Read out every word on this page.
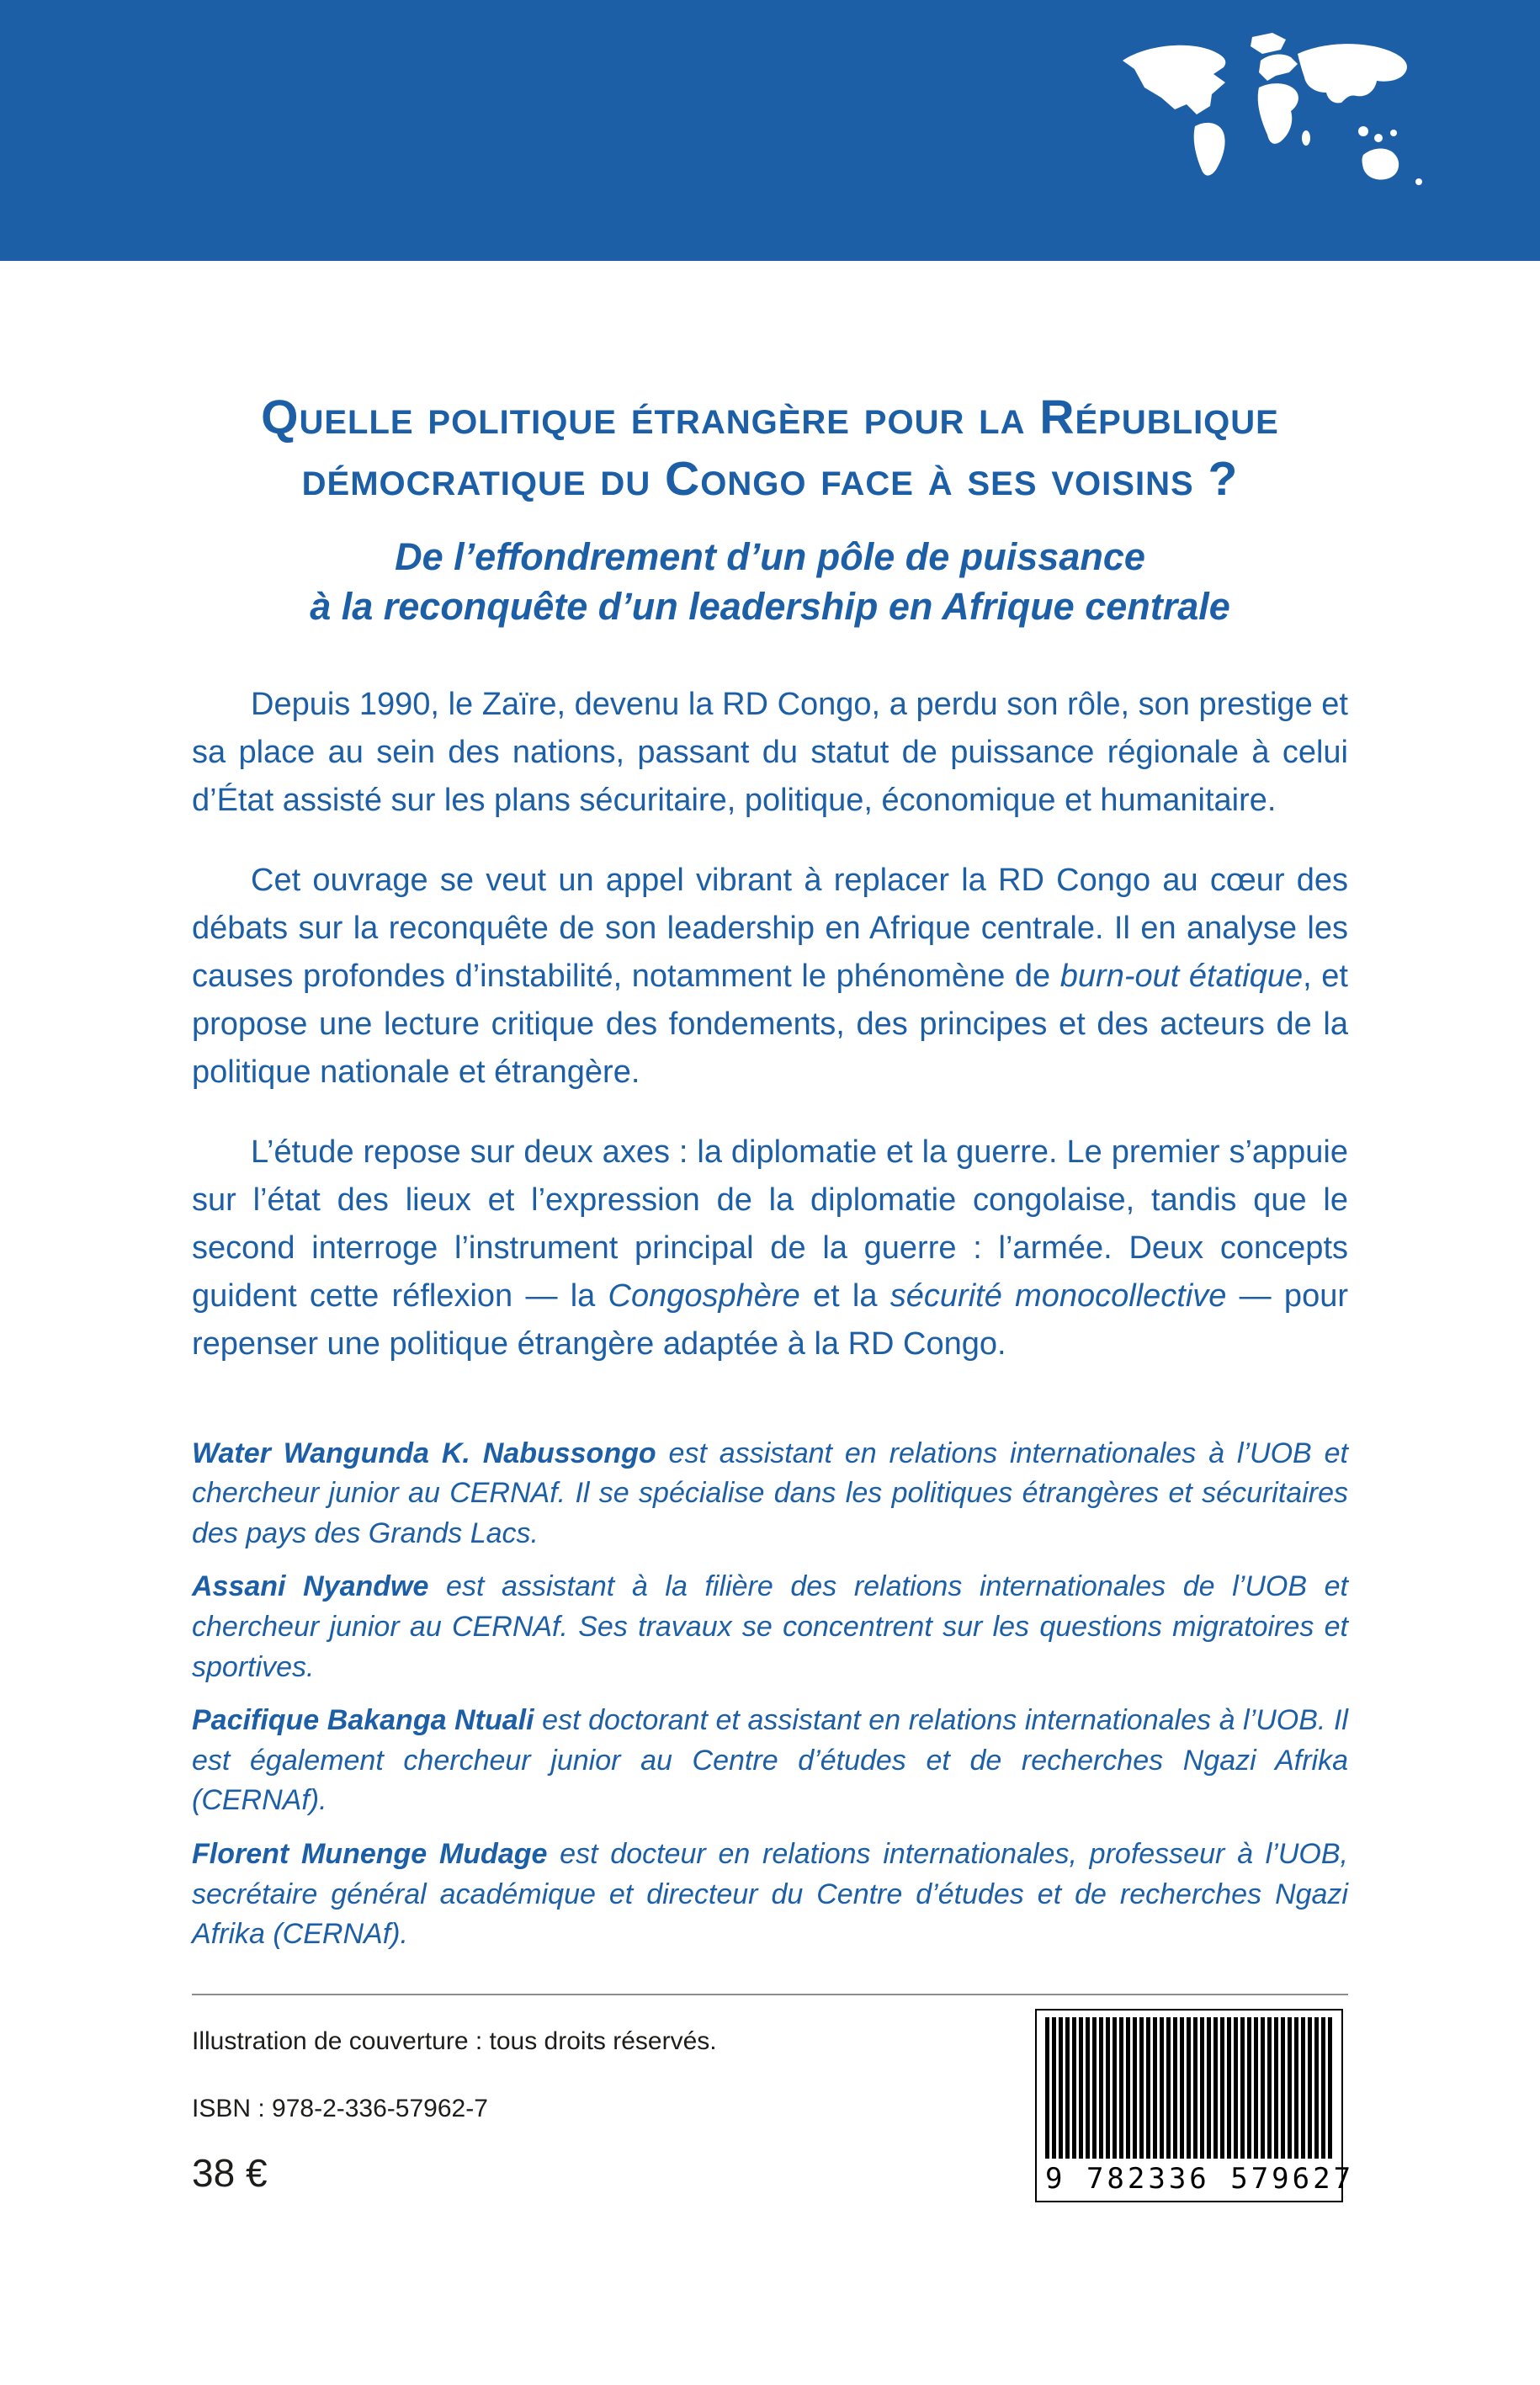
Quelle politique étrangère pour la République
démocratique du Congo face à ses voisins ?
De l’effondrement d’un pôle de puissance
à la reconquête d’un leadership en Afrique centrale

Depuis 1990, le Zaïre, devenu la RD Congo, a perdu son rôle, son prestige et sa place au sein des nations, passant du statut de puissance régionale à celui d’État assisté sur les plans sécuritaire, politique, économique et humanitaire.

Cet ouvrage se veut un appel vibrant à replacer la RD Congo au cœur des débats sur la reconquête de son leadership en Afrique centrale. Il en analyse les causes profondes d’instabilité, notamment le phénomène de burn-out étatique, et propose une lecture critique des fondements, des principes et des acteurs de la politique nationale et étrangère.

L’étude repose sur deux axes : la diplomatie et la guerre. Le premier s’appuie sur l’état des lieux et l’expression de la diplomatie congolaise, tandis que le second interroge l’instrument principal de la guerre : l’armée. Deux concepts guident cette réflexion — la Congosphère et la sécurité monocollective — pour repenser une politique étrangère adaptée à la RD Congo.

Water Wangunda K. Nabussongo est assistant en relations internationales à l’UOB et chercheur junior au CERNAf. Il se spécialise dans les politiques étrangères et sécuritaires des pays des Grands Lacs.

Assani Nyandwe est assistant à la filière des relations internationales de l’UOB et chercheur junior au CERNAf. Ses travaux se concentrent sur les questions migratoires et sportives.

Pacifique Bakanga Ntuali est doctorant et assistant en relations internationales à l’UOB. Il est également chercheur junior au Centre d’études et de recherches Ngazi Afrika (CERNAf).

Florent Munenge Mudage est docteur en relations internationales, professeur à l’UOB, secrétaire général académique et directeur du Centre d’études et de recherches Ngazi Afrika (CERNAf).

Illustration de couverture : tous droits réservés.
ISBN : 978-2-336-57962-7
38 €	9 782336 579627
